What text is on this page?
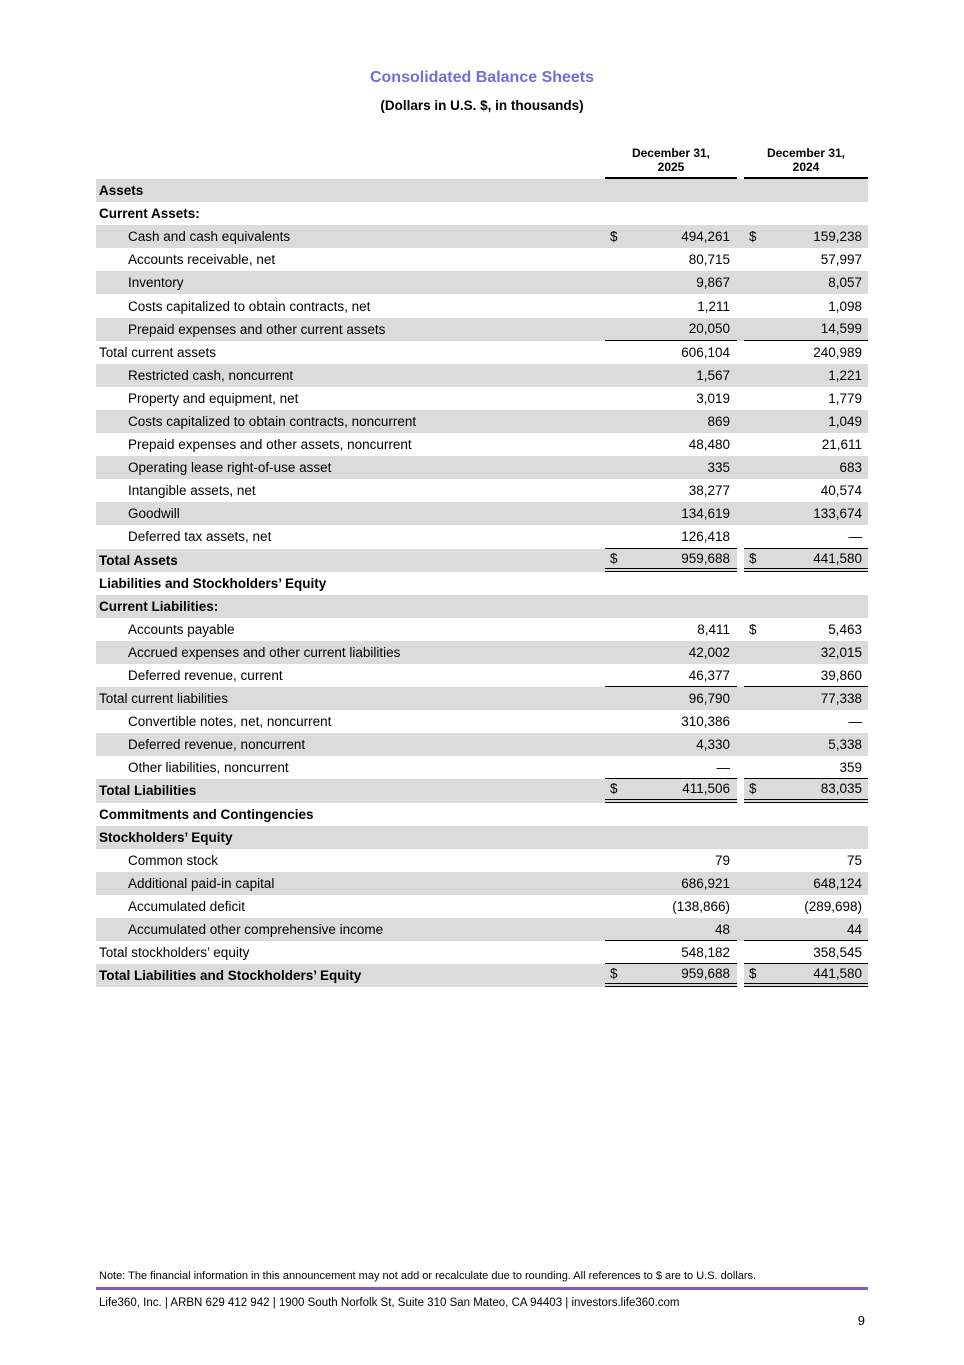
Consolidated Balance Sheets
(Dollars in U.S. $, in thousands)
December 31,
2025
December 31,
2024
Assets
Current Assets:
Cash and cash equivalents	$	494,261 $	159,238
Accounts receivable, net	80,715	57,997
Inventory	9,867	8,057
Costs capitalized to obtain contracts, net	1,211	1,098
Prepaid expenses and other current assets	20,050	14,599
Total current assets	606,104	240,989
Restricted cash, noncurrent	1,567	1,221
Property and equipment, net	3,019	1,779
Costs capitalized to obtain contracts, noncurrent	869	1,049
Prepaid expenses and other assets, noncurrent	48,480	21,611
Operating lease right-of-use asset	335	683
Intangible assets, net	38,277	40,574
Goodwill	134,619	133,674
Deferred tax assets, net	126,418	—
Total Assets	$	959,688 $	441,580
Liabilities and Stockholders’ Equity
Current Liabilities:
Accounts payable	8,411 $	5,463
Accrued expenses and other current liabilities	42,002	32,015
Deferred revenue, current	46,377	39,860
Total current liabilities	96,790	77,338
Convertible notes, net, noncurrent	310,386	—
Deferred revenue, noncurrent	4,330	5,338
Other liabilities, noncurrent	—	359
Total Liabilities	$	411,506 $	83,035
Commitments and Contingencies
Stockholders’ Equity
Common stock	79	75
Additional paid-in capital	686,921	648,124
Accumulated deficit	(138,866)	(289,698)
Accumulated other comprehensive income	48	44
Total stockholders’ equity	548,182	358,545
Total Liabilities and Stockholders’ Equity	$	959,688 $	441,580
Note: The financial information in this announcement may not add or recalculate due to rounding. All references to $ are to U.S. dollars.
Life360, Inc. | ARBN 629 412 942 | 1900 South Norfolk St, Suite 310 San Mateo, CA 94403 | investors.life360.com
9
